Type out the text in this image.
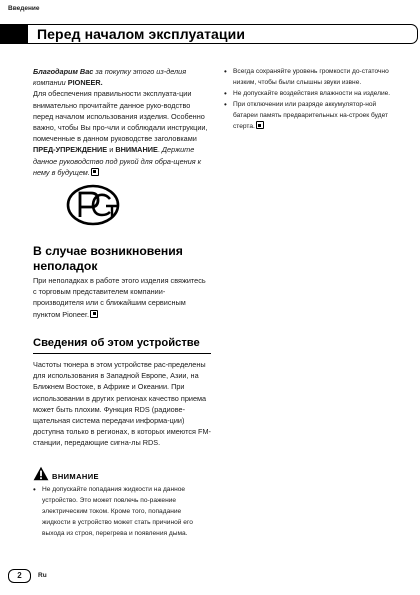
Введение
Перед началом эксплуатации

Благодарим Вас за покупку этого из-делия компании PIONEER.

Для обеспечения правильности эксплуата-ции внимательно прочитайте данное руко-водство перед началом использования изделия. Особенно важно, чтобы Вы про-чли и соблюдали инструкции, помеченные в данном руководстве заголовками ПРЕД-УПРЕЖДЕНИЕ и ВНИМАНИЕ. Держите данное руководство под рукой для обра-щения к нему в будущем.

В случае возникновения неполадок

При неполадках в работе этого изделия свяжитесь с торговым представителем компании-производителя или с ближайшим сервисным пунктом Pioneer.

Сведения об этом устройстве

Частоты тюнера в этом устройстве рас-пределены для использования в Западной Европе, Азии, на Ближнем Востоке, в Африке и Океании. При использовании в других регионах качество приема может быть плохим. Функция RDS (радиове-щательная система передачи информа-ции) доступна только в регионах, в которых имеются FM-станции, передающие сигна-лы RDS.

ВНИМАНИЕ
• Не допускайте попадания жидкости на данное устройство. Это может повлечь по-ражение электрическим током. Кроме того, попадание жидкости в устройство может стать причиной его выхода из строя, перегрева и появления дыма.
• Всегда сохраняйте уровень громкости до-статочно низким, чтобы были слышны звуки извне.
• Не допускайте воздействия влажности на изделие.
• При отключении или разряде аккумулятор-ной батареи память предварительных на-строек будет стерта.
2	Ru
